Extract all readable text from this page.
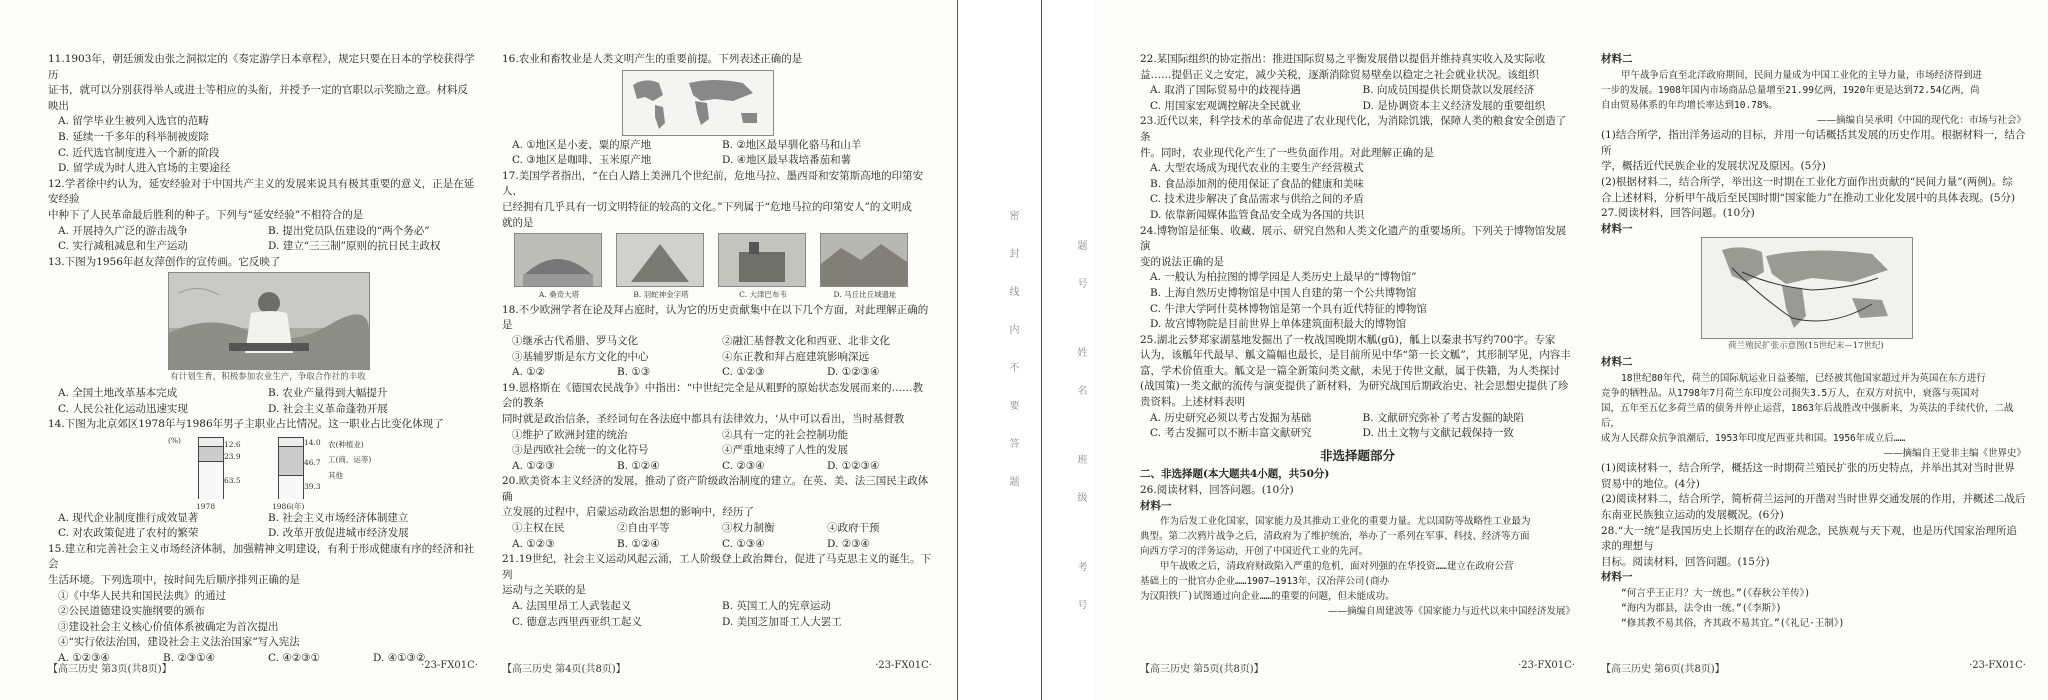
11.1903年，朝廷颁发由张之洞拟定的《奏定游学日本章程》，规定只要在日本的学校获得学历

证书，就可以分别获得举人或进士等相应的头衔，并授予一定的官职以示奖励之意。材料反映出

A. 留学毕业生被列入选官的范畴

B. 延续一千多年的科举制被废除

C. 近代选官制度进入一个新的阶段

D. 留学成为时人进入官场的主要途径

12.学者徐中约认为，延安经验对于中国共产主义的发展来说具有极其重要的意义，正是在延安经验

中种下了人民革命最后胜利的种子。下列与“延安经验”不相符合的是

A. 开展持久广泛的游击战争	B. 提出党员队伍建设的“两个务必”
C. 实行减租减息和生产运动	D. 建立“三三制”原则的抗日民主政权

13.下图为1956年赵友萍创作的宣传画。它反映了

有计划生育，积极参加农业生产，争取合作社的丰收

A. 全国土地改革基本完成	B. 农业产量得到大幅提升
C. 人民公社化运动迅速实现	D. 社会主义革命蓬勃开展

14.下图为北京郊区1978年与1986年男子主职业占比情况。这一职业占比变化体现了

(%)	12.6
23.9
63.5
14.0
46.7
39.3
1978	1986(年)
农(种植业)
工(商、运等)
其他
A. 现代企业制度推行成效显著	B. 社会主义市场经济体制建立
C. 对农政策促进了农村的繁荣	D. 改革开放促进城市经济发展

15.建立和完善社会主义市场经济体制，加强精神文明建设，有利于形成健康有序的经济和社会

生活环境。下列选项中，按时间先后顺序排列正确的是

①《中华人民共和国民法典》的通过

②公民道德建设实施纲要的颁布

③建设社会主义核心价值体系被确定为首次提出

④“实行依法治国，建设社会主义法治国家”写入宪法

A. ①②③④	B. ②③①④	C. ④②③①	D. ④①③②
【高三历史 第3页(共8页)】	·23-FX01C·

16.农业和畜牧业是人类文明产生的重要前提。下列表述正确的是

A. ①地区是小麦、粟的原产地	B. ②地区最早驯化骆马和山羊
C. ③地区是咖啡、玉米原产地	D. ④地区最早栽培番茄和薯

17.美国学者指出，“在白人踏上美洲几个世纪前，危地马拉、墨西哥和安第斯高地的印第安人，

已经拥有几乎具有一切文明特征的较高的文化。”下列属于“危地马拉的印第安人”的文明成

就的是

A. 桑奇大塔	B. 羽蛇神金字塔	C. 大津巴布韦	D. 马丘比丘城遗址

18.不少欧洲学者在论及拜占庭时，认为它的历史贡献集中在以下几个方面，对此理解正确的是

①继承古代希腊、罗马文化	②融汇基督教文化和西亚、北非文化
③基辅罗斯是东方文化的中心	④东正教和拜占庭建筑影响深远
A. ①②	B. ①③	C. ①②③	D. ①②③④

19.恩格斯在《德国农民战争》中指出：“中世纪完全是从粗野的原始状态发展而来的……教会的教条

同时就是政治信条，圣经词句在各法庭中都具有法律效力，‘从中可以看出，当时基督教

①维护了欧洲封建的统治	②具有一定的社会控制功能
③是西欧社会统一的文化符号	④严重地束缚了人性的发展
A. ①②③	B. ①②④	C. ②③④	D. ①②③④

20.欧美资本主义经济的发展，推动了资产阶级政治制度的建立。在英、美、法三国民主政体确

立发展的过程中，启蒙运动政治思想的影响中，经历了

①主权在民	②自由平等	③权力制衡	④政府干预
A. ①②③	B. ①②④	C. ①③④	D. ②③④

21.19世纪，社会主义运动风起云涌，工人阶级登上政治舞台，促进了马克思主义的诞生。下列

运动与之关联的是

A. 法国里昂工人武装起义	B. 英国工人的宪章运动
C. 德意志西里西亚织工起义	D. 美国芝加哥工人大罢工
【高三历史 第4页(共8页)】	·23-FX01C·
密封线内不要答题	题号 姓名 班级 考号

22.某国际组织的协定指出：推进国际贸易之平衡发展借以提倡并维持真实收入及实际收

益……提倡正义之安定，减少关税，逐渐消除贸易壁垒以稳定之社会就业状况。该组织

A. 取消了国际贸易中的歧视待遇	B. 向成员国提供长期贷款以发展经济
C. 用国家宏观调控解决全民就业	D. 是协调资本主义经济发展的重要组织

23.近代以来，科学技术的革命促进了农业现代化，为消除饥饿，保障人类的粮食安全创造了条

件。同时，农业现代化产生了一些负面作用。对此理解正确的是

A. 大型农场成为现代农业的主要生产经营模式

B. 食品添加剂的使用保证了食品的健康和美味

C. 技术进步解决了食品需求与供给之间的矛盾

D. 依靠新闻媒体监管食品安全成为各国的共识

24.博物馆是征集、收藏、展示、研究自然和人类文化遗产的重要场所。下列关于博物馆发展演

变的说法正确的是

A. 一般认为柏拉图的博学园是人类历史上最早的“博物馆”

B. 上海自然历史博物馆是中国人自建的第一个公共博物馆

C. 牛津大学阿什莫林博物馆是第一个具有近代特征的博物馆

D. 故宫博物院是目前世界上单体建筑面积最大的博物馆

25.湖北云梦郑家湖墓地发掘出了一枚战国晚期木觚(gū)，觚上以秦隶书写约700字。专家

认为，该觚年代最早、觚文篇幅也最长，是目前所见中华“第一长文觚”，其形制罕见，内容丰

富，学术价值重大。觚文是一篇全新策问类文献，未见于传世文献，属于佚籍，为人类探讨

(战国策)一类文献的流传与演变提供了新材料，为研究战国后期政治史、社会思想史提供了珍

贵资料。上述材料表明

A. 历史研究必须以考古发掘为基础	B. 文献研究弥补了考古发掘的缺陷
C. 考古发掘可以不断丰富文献研究	D. 出土文物与文献记载保持一致
非选择题部分

二、非选择题(本大题共4小题，共50分)

26.阅读材料，回答问题。(10分)

材料一

作为后发工业化国家，国家能力及其推动工业化的重要力量。尤以国防等战略性工业最为

典型。第二次鸦片战争之后，清政府为了维护统治，举办了一系列在军事、科技、经济等方面

向西方学习的洋务运动，开创了中国近代工业的先河。

甲午战败之后，清政府财政陷入严重的危机，面对列强的在华投资……建立在政府公营

基础上的一批官办企业……1907—1913年，汉冶萍公司(商办

为汉阳铁厂)试图通过向企业……的重要的问题，但未能成功。

——摘编自周建波等《国家能力与近代以来中国经济发展》

【高三历史 第5页(共8页)】	·23-FX01C·

材料二

甲午战争后直至北洋政府期间，民间力量成为中国工业化的主导力量，市场经济得到进

一步的发展。1908年国内市场商品总量增至21.99亿两，1920年更是达到72.54亿两，尚

自由贸易体系的年均增长率达到10.78%。

——摘编自吴承明《中国的现代化：市场与社会》

(1)结合所学，指出洋务运动的目标，并用一句话概括其发展的历史作用。根据材料一，结合所

学，概括近代民族企业的发展状况及原因。(5分)

(2)根据材料二，结合所学，举出这一时期在工业化方面作出贡献的“民间力量”(两例)。综

合上述材料，分析甲午战后至民国时期“国家能力”在推动工业化发展中的具体表现。(5分)

27.阅读材料，回答问题。(10分)

材料一

荷兰殖民扩张示意图(15世纪末—17世纪)

材料二

18世纪80年代，荷兰的国际航运业日益萎缩，已经被其他国家超过并为英国在东方进行

竞争的牺牲品。从1798年7月荷兰东印度公司损失3.5万人，在双方对抗中，衰落与英国对

国，五年至五亿多荷兰盾的债务并停止运营，1863年后战胜改中强新来，为英法的手续代价，二战后，

成为人民群众抗争浪潮后，1953年印度尼西亚共和国。1956年成立后……

——摘编自王觉非主编《世界史》

(1)阅读材料一，结合所学，概括这一时期荷兰殖民扩张的历史特点，并举出其对当时世界

贸易中的地位。(4分)

(2)阅读材料二，结合所学，简析荷兰运河的开凿对当时世界交通发展的作用，并概述二战后

东南亚民族独立运动的发展概况。(6分)

28.“大一统”是我国历史上长期存在的政治观念，民族观与天下观，也是历代国家治理所追求的理想与

目标。阅读材料，回答问题。(15分)

材料一

“何言乎王正月？大一统也。”(《春秋公羊传》)

“海内为郡县，法令由一统。”(《李斯》)

“修其教不易其俗，齐其政不易其宜。”(《礼记·王制》)

【高三历史 第6页(共8页)】	·23-FX01C·
